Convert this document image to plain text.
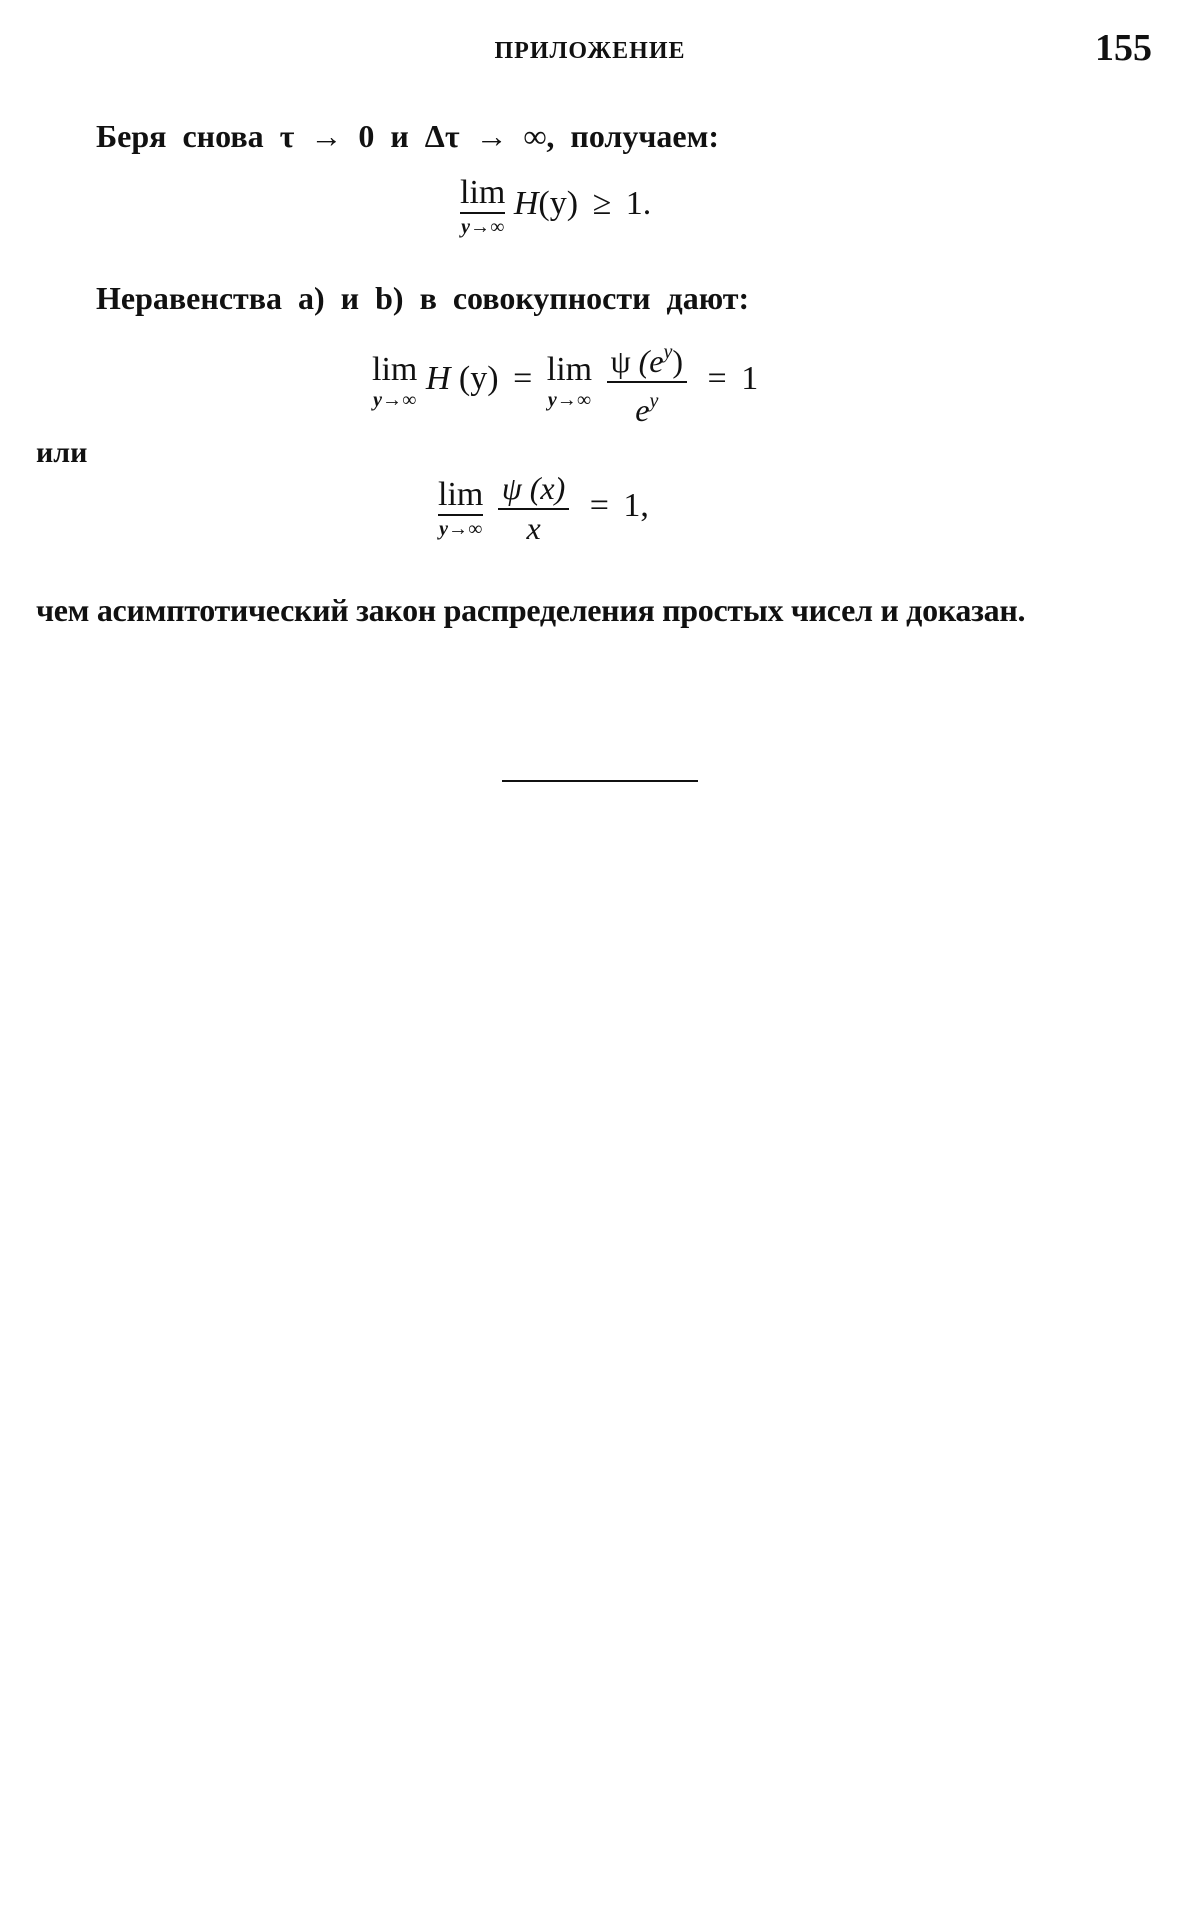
ПРИЛОЖЕНИЕ	155
Беря снова τ → 0 и Δτ → ∞, получаем:
lim
y→∞
H(y) ≥ 1.
Неравенства a) и b) в совокупности дают:
lim
y→∞
H (y) = lim
y→∞
$\frac{\psi (e^y)}{e^y} = 1$
или
lim
y→∞
$\frac{\psi (x)}{x} = 1$,
чем асимптотический закон распределения простых чисел и доказан.
